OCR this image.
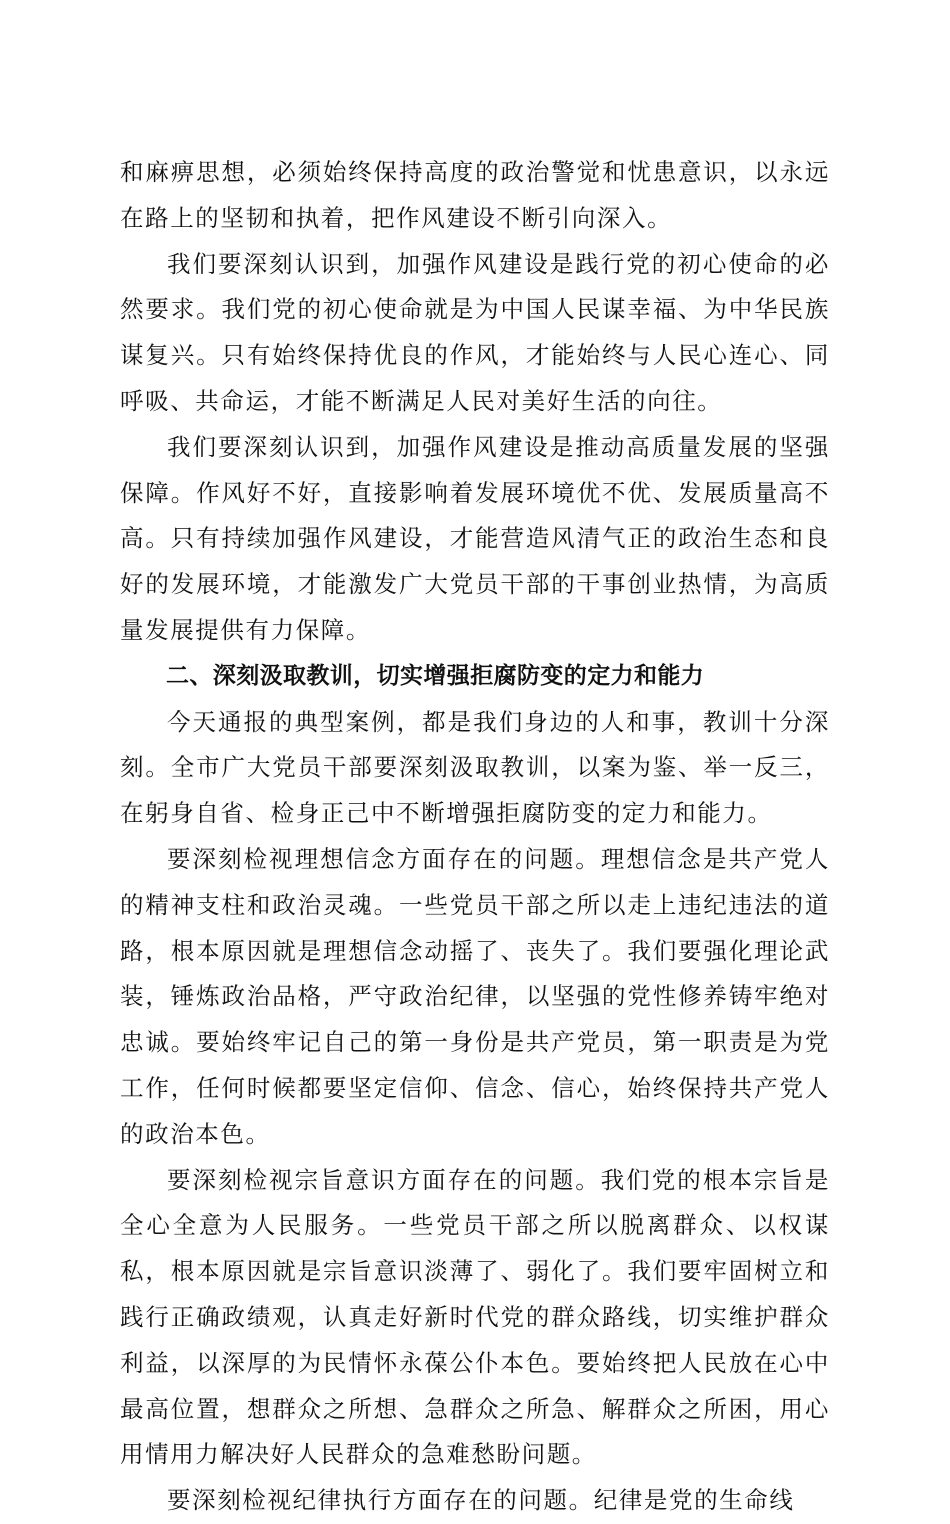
和麻痹思想，必须始终保持高度的政治警觉和忧患意识，以永远在路上的坚韧和执着，把作风建设不断引向深入。

我们要深刻认识到，加强作风建设是践行党的初心使命的必然要求。我们党的初心使命就是为中国人民谋幸福、为中华民族谋复兴。只有始终保持优良的作风，才能始终与人民心连心、同呼吸、共命运，才能不断满足人民对美好生活的向往。

我们要深刻认识到，加强作风建设是推动高质量发展的坚强保障。作风好不好，直接影响着发展环境优不优、发展质量高不高。只有持续加强作风建设，才能营造风清气正的政治生态和良好的发展环境，才能激发广大党员干部的干事创业热情，为高质量发展提供有力保障。

二、深刻汲取教训，切实增强拒腐防变的定力和能力

今天通报的典型案例，都是我们身边的人和事，教训十分深刻。全市广大党员干部要深刻汲取教训，以案为鉴、举一反三，在躬身自省、检身正己中不断增强拒腐防变的定力和能力。

要深刻检视理想信念方面存在的问题。理想信念是共产党人的精神支柱和政治灵魂。一些党员干部之所以走上违纪违法的道路，根本原因就是理想信念动摇了、丧失了。我们要强化理论武装，锤炼政治品格，严守政治纪律，以坚强的党性修养铸牢绝对忠诚。要始终牢记自己的第一身份是共产党员，第一职责是为党工作，任何时候都要坚定信仰、信念、信心，始终保持共产党人的政治本色。

要深刻检视宗旨意识方面存在的问题。我们党的根本宗旨是全心全意为人民服务。一些党员干部之所以脱离群众、以权谋私，根本原因就是宗旨意识淡薄了、弱化了。我们要牢固树立和践行正确政绩观，认真走好新时代党的群众路线，切实维护群众利益，以深厚的为民情怀永葆公仆本色。要始终把人民放在心中最高位置，想群众之所想、急群众之所急、解群众之所困，用心用情用力解决好人民群众的急难愁盼问题。

要深刻检视纪律执行方面存在的问题。纪律是党的生命线
